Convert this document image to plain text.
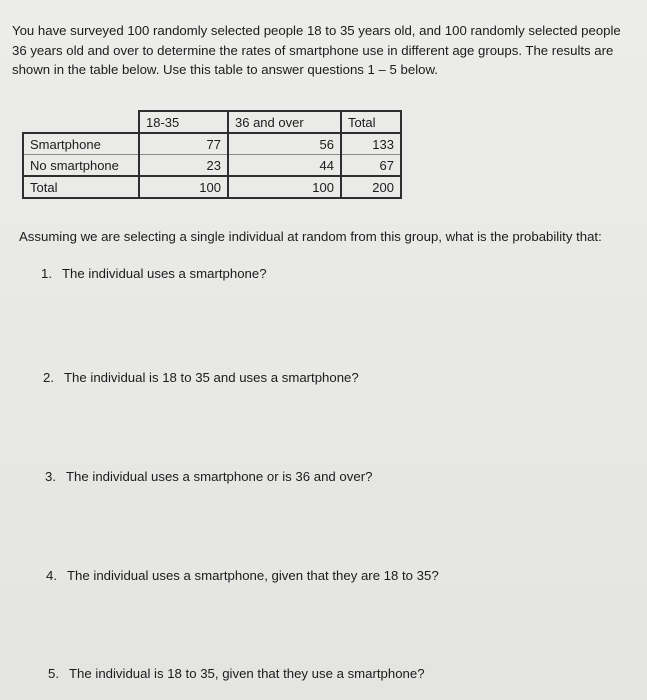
You have surveyed 100 randomly selected people 18 to 35 years old, and 100 randomly selected people 36 years old and over to determine the rates of smartphone use in different age groups. The results are shown in the table below. Use this table to answer questions 1 – 5 below.

	18-35	36 and over	Total
Smartphone	77	56	133
No smartphone	23	44	67
Total	100	100	200

Assuming we are selecting a single individual at random from this group, what is the probability that:

1. The individual uses a smartphone?

2. The individual is 18 to 35 and uses a smartphone?

3. The individual uses a smartphone or is 36 and over?

4. The individual uses a smartphone, given that they are 18 to 35?

5. The individual is 18 to 35, given that they use a smartphone?
